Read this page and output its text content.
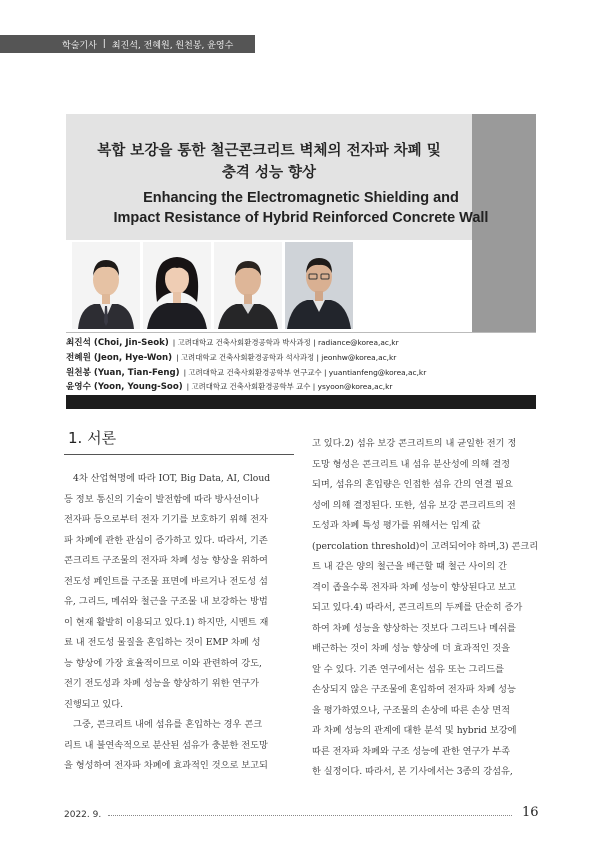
학술기사 | 최진석, 전혜원, 원천봉, 윤영수
복합 보강을 통한 철근콘크리트 벽체의 전자파 차폐 및
충격 성능 향상
Enhancing the Electromagnetic Shielding and
Impact Resistance of Hybrid Reinforced Concrete Wall
최진석 (Choi, Jin-Seok) | 고려대학교 건축사회환경공학과 박사과정 | radiance@korea,ac,kr
전혜원 (Jeon, Hye-Won) | 고려대학교 건축사회환경공학과 석사과정 | jeonhw@korea,ac,kr
원천봉 (Yuan, Tian-Feng) | 고려대학교 건축사회환경공학부 연구교수 | yuantianfeng@korea,ac,kr
윤영수 (Yoon, Young-Soo) | 고려대학교 건축사회환경공학부 교수 | ysyoon@korea,ac,kr
1. 서론
4차 산업혁명에 따라 IOT, Big Data, AI, Cloud
등 정보 통신의 기술이 발전함에 따라 방사선이나
전자파 등으로부터 전자 기기를 보호하기 위해 전자
파 차폐에 관한 관심이 증가하고 있다. 따라서, 기존
콘크리트 구조물의 전자파 차폐 성능 향상을 위하여
전도성 페인트를 구조물 표면에 바르거나 전도성 섬
유, 그리드, 메쉬와 철근을 구조물 내 보강하는 방법
이 현재 활발히 이용되고 있다.1) 하지만, 시멘트 재
료 내 전도성 물질을 혼입하는 것이 EMP 차폐 성
능 향상에 가장 효율적이므로 이와 관련하여 강도,
전기 전도성과 차폐 성능을 향상하기 위한 연구가
진행되고 있다.
그중, 콘크리트 내에 섬유를 혼입하는 경우 콘크
리트 내 불연속적으로 분산된 섬유가 충분한 전도망
을 형성하여 전자파 차폐에 효과적인 것으로 보고되
고 있다.2) 섬유 보강 콘크리트의 내 균일한 전기 정
도망 형성은 콘크리트 내 섬유 분산성에 의해 결정
되며, 섬유의 혼입량은 인접한 섬유 간의 연결 필요
성에 의해 결정된다. 또한, 섬유 보강 콘크리트의 전
도성과 차폐 특성 평가를 위해서는 임계 값
(percolation threshold)이 고려되어야 하며,3) 콘크리
트 내 같은 양의 철근을 배근할 때 철근 사이의 간
격이 좁을수록 전자파 차폐 성능이 향상된다고 보고
되고 있다.4) 따라서, 콘크리트의 두께를 단순히 증가
하여 차폐 성능을 향상하는 것보다 그리드나 메쉬를
배근하는 것이 차폐 성능 향상에 더 효과적인 것을
알 수 있다. 기존 연구에서는 섬유 또는 그리드를
손상되지 않은 구조물에 혼입하여 전자파 차폐 성능
을 평가하였으나, 구조물의 손상에 따른 손상 면적
과 차폐 성능의 관계에 대한 분석 및 hybrid 보강에
따른 전자파 차폐와 구조 성능에 관한 연구가 부족
한 실정이다. 따라서, 본 기사에서는 3종의 강섬유,
2022. 9.	16
